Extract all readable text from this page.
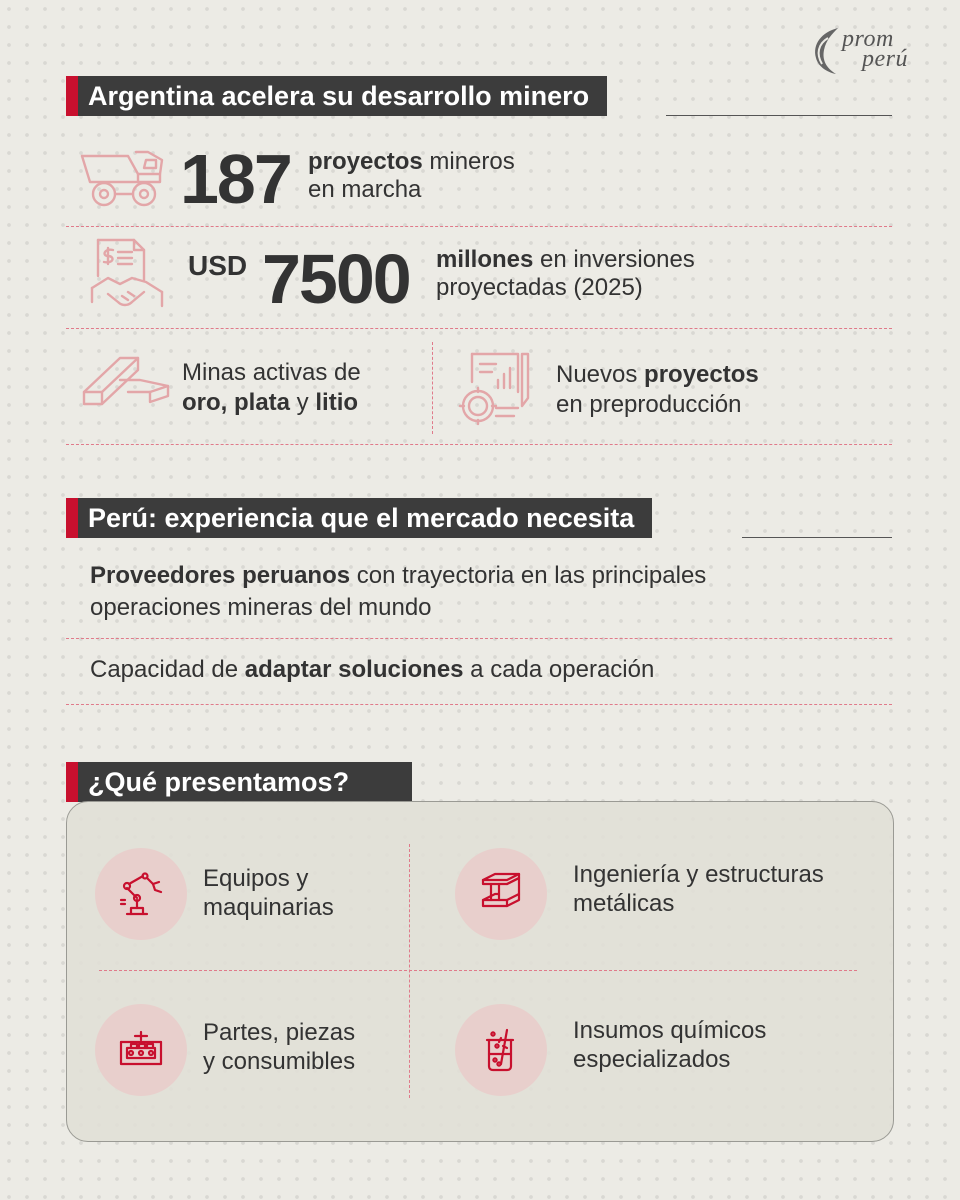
prom
perú
Argentina acelera su desarrollo minero
187 proyectos mineros
en marcha
USD 7500 millones en inversiones
proyectadas (2025)
Minas activas de
oro, plata y litio
Nuevos proyectos
en preproducción
Perú: experiencia que el mercado necesita
Proveedores peruanos con trayectoria en las principales
operaciones mineras del mundo
Capacidad de adaptar soluciones a cada operación
¿Qué presentamos?
Equipos y
maquinarias
Ingeniería y estructuras
metálicas
Partes, piezas
y consumibles
Insumos químicos
especializados
